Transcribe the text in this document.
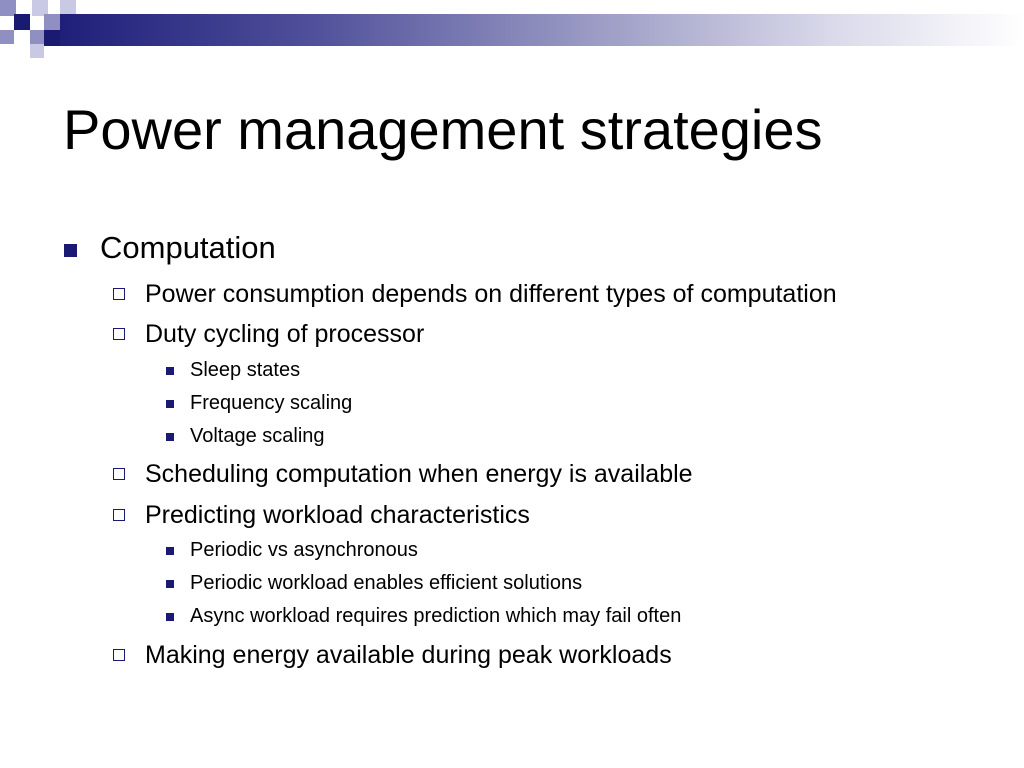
Power management strategies
Computation
Power consumption depends on different types of computation
Duty cycling of processor
Sleep states
Frequency scaling
Voltage scaling
Scheduling computation when energy is available
Predicting workload characteristics
Periodic vs asynchronous
Periodic workload enables efficient solutions
Async workload requires prediction which may fail often
Making energy available during peak workloads
